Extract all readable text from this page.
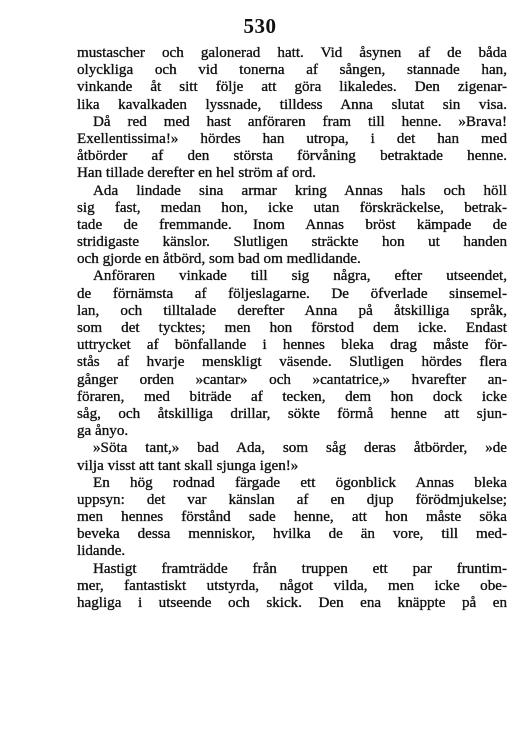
530
mustascher och galonerad hatt. Vid åsynen af de båda
olyckliga och vid tonerna af sången, stannade han,
vinkande åt sitt följe att göra likaledes. Den zigenar-
lika kavalkaden lyssnade, tilldess Anna slutat sin visa.
Då red med hast anföraren fram till henne. »Brava!
Exellentissima!» hördes han utropa, i det han med
åtbörder af den största förvåning betraktade henne.
Han tillade derefter en hel ström af ord.
Ada lindade sina armar kring Annas hals och höll
sig fast, medan hon, icke utan förskräckelse, betrak-
tade de fremmande. Inom Annas bröst kämpade de
stridigaste känslor. Slutligen sträckte hon ut handen
och gjorde en åtbörd, som bad om medlidande.
Anföraren vinkade till sig några, efter utseendet,
de förnämsta af följeslagarne. De öfverlade sinsemel-
lan, och tilltalade derefter Anna på åtskilliga språk,
som det tycktes; men hon förstod dem icke. Endast
uttrycket af bönfallande i hennes bleka drag måste för-
stås af hvarje menskligt väsende. Slutligen hördes flera
gånger orden »cantar» och »cantatrice,» hvarefter an-
föraren, med biträde af tecken, dem hon dock icke
såg, och åtskilliga drillar, sökte förmå henne att sjun-
ga ånyo.
»Söta tant,» bad Ada, som såg deras åtbörder, »de
vilja visst att tant skall sjunga igen!»
En hög rodnad färgade ett ögonblick Annas bleka
uppsyn: det var känslan af en djup förödmjukelse;
men hennes förstånd sade henne, att hon måste söka
beveka dessa menniskor, hvilka de än vore, till med-
lidande.
Hastigt framträdde från truppen ett par fruntim-
mer, fantastiskt utstyrda, något vilda, men icke obe-
hagliga i utseende och skick. Den ena knäppte på en
